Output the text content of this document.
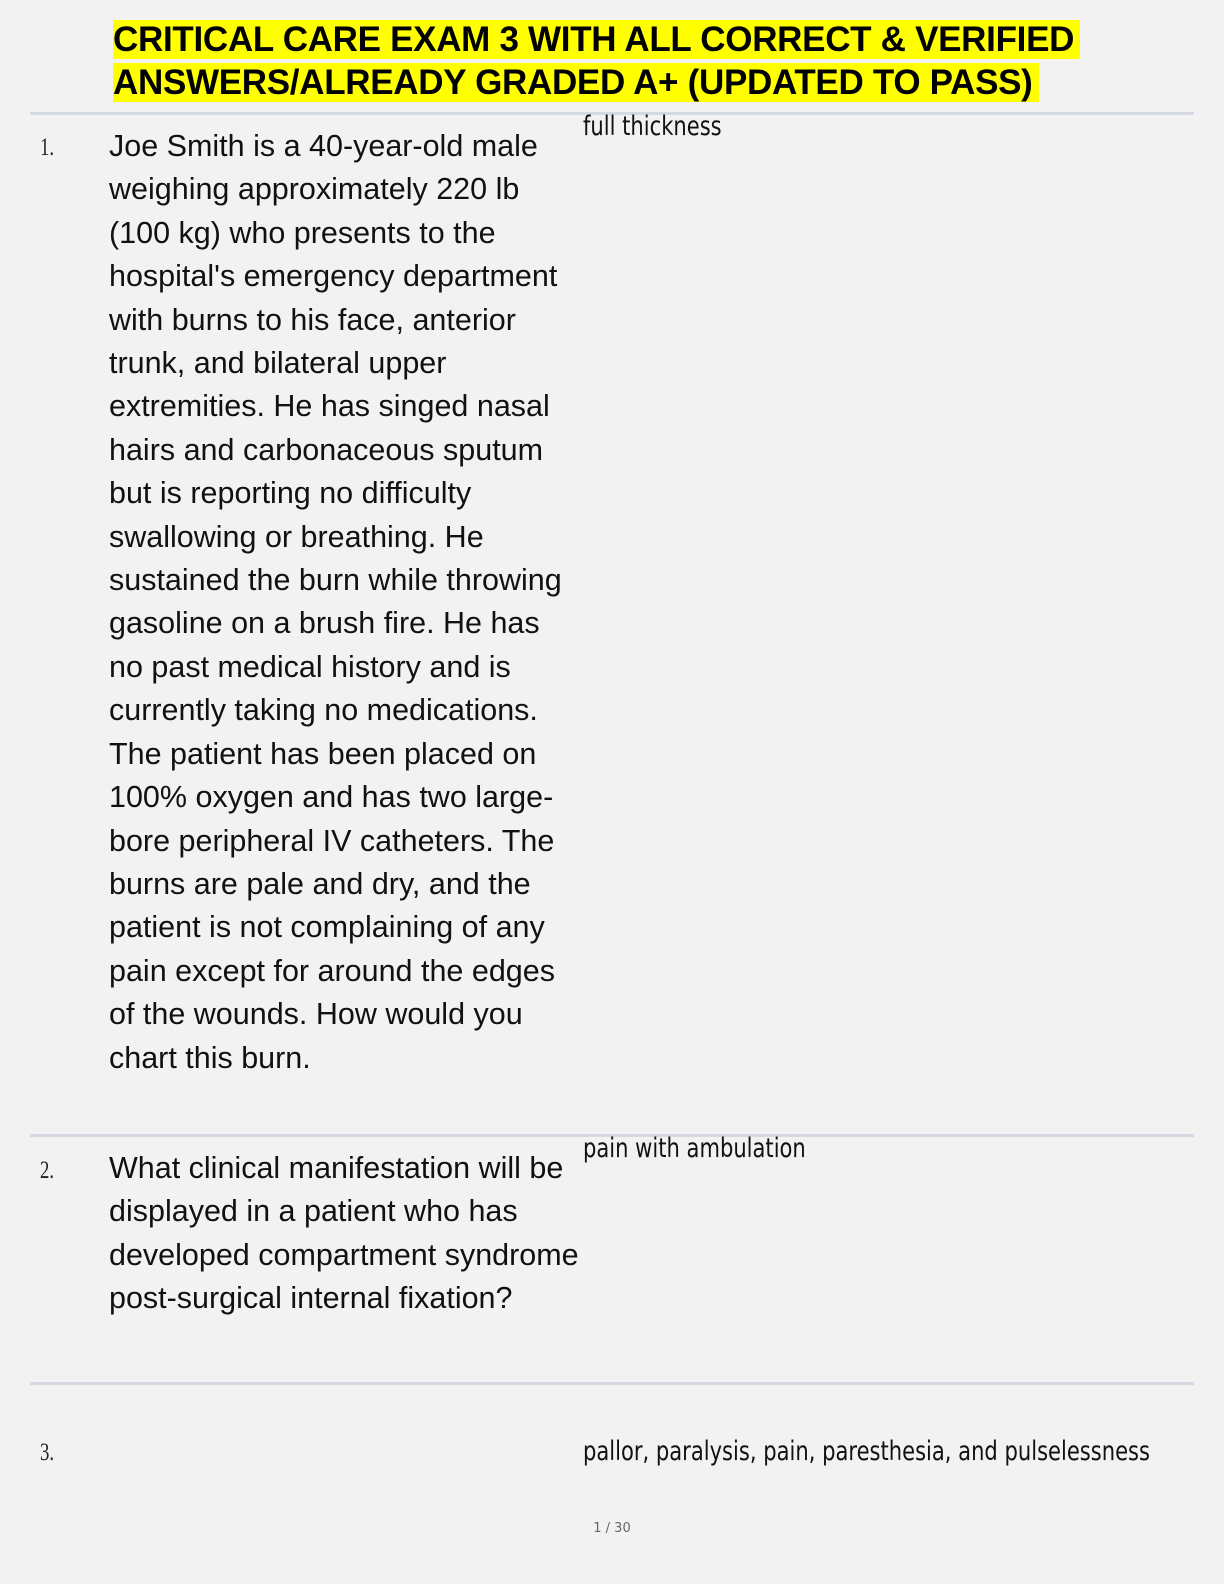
CRITICAL CARE EXAM 3 WITH ALL CORRECT & VERIFIED
ANSWERS/ALREADY GRADED A+ (UPDATED TO PASS)
1. Joe Smith is a 40-year-old male weighing approximately 220 lb (100 kg) who presents to the hospital's emergency department with burns to his face, anterior trunk, and bilateral upper extremities. He has singed nasal hairs and carbonaceous sputum but is reporting no difficulty swallowing or breathing. He sustained the burn while throwing gasoline on a brush fire. He has no past medical history and is currently taking no medications. The patient has been placed on 100% oxygen and has two large-bore peripheral IV catheters. The burns are pale and dry, and the patient is not complaining of any pain except for around the edges of the wounds. How would you chart this burn.

full thickness
2. What clinical manifestation will be displayed in a patient who has developed compartment syndrome post-surgical internal fixation?

pain with ambulation
3.	pallor, paralysis, pain, paresthesia, and pulselessness
1 / 30
